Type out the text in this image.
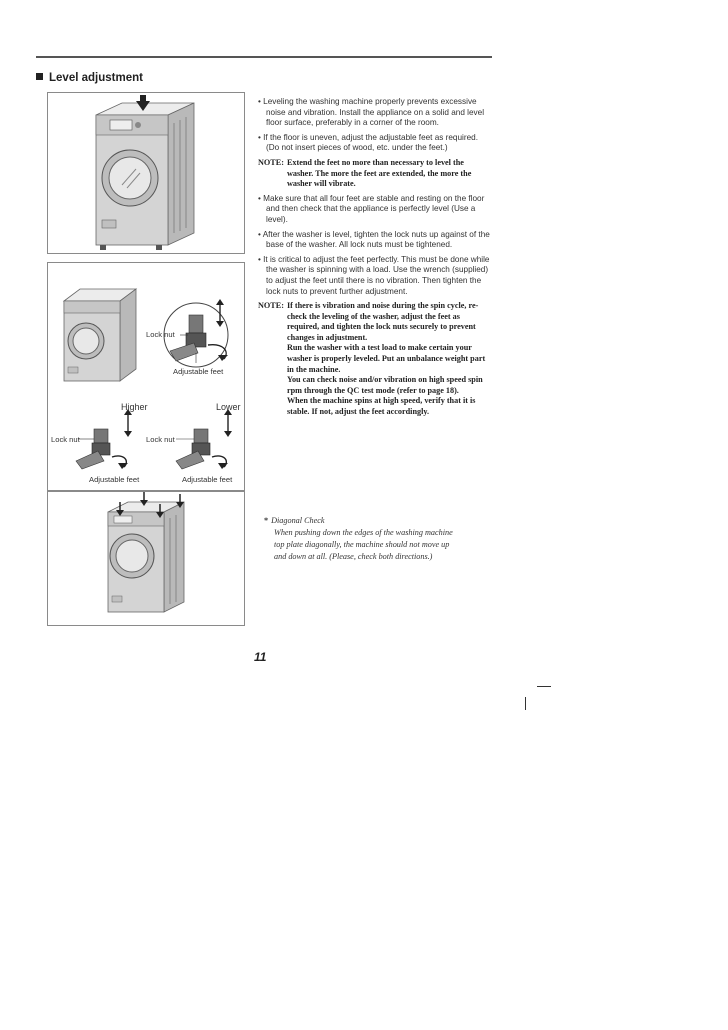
Level adjustment
Lock nut
Adjustable feet
Higher	Lower
Lock nut	Lock nut
Adjustable feet	Adjustable feet

• Leveling the washing machine properly prevents excessive noise and vibration. Install the appliance on a solid and level floor surface, preferably in a corner of the room.

• If the floor is uneven, adjust the adjustable feet as required. (Do not insert pieces of wood, etc. under the feet.)

NOTE: Extend the feet no more than necessary to level the washer. The more the feet are extended, the more the washer will vibrate.

• Make sure that all four feet are stable and resting on the floor and then check that the appliance is perfectly level (Use a level).

• After the washer is level, tighten the lock nuts up against of the base of the washer. All lock nuts must be tightened.

• It is critical to adjust the feet perfectly. This must be done while the washer is spinning with a load. Use the wrench (supplied) to adjust the feet until there is no vibration. Then tighten the lock nuts to prevent further adjustment.

NOTE: If there is vibration and noise during the spin cycle, re-check the leveling of the washer, adjust the feet as required, and tighten the lock nuts securely to prevent changes in adjustment.
Run the washer with a test load to make certain your washer is properly leveled. Put an unbalance weight part in the machine.
You can check noise and/or vibration on high speed spin rpm through the QC test mode (refer to page 18).
When the machine spins at high speed, verify that it is stable. If not, adjust the feet accordingly.
* Diagonal Check
When pushing down the edges of the washing machine
top plate diagonally, the machine should not move up
and down at all. (Please, check both directions.)
11
